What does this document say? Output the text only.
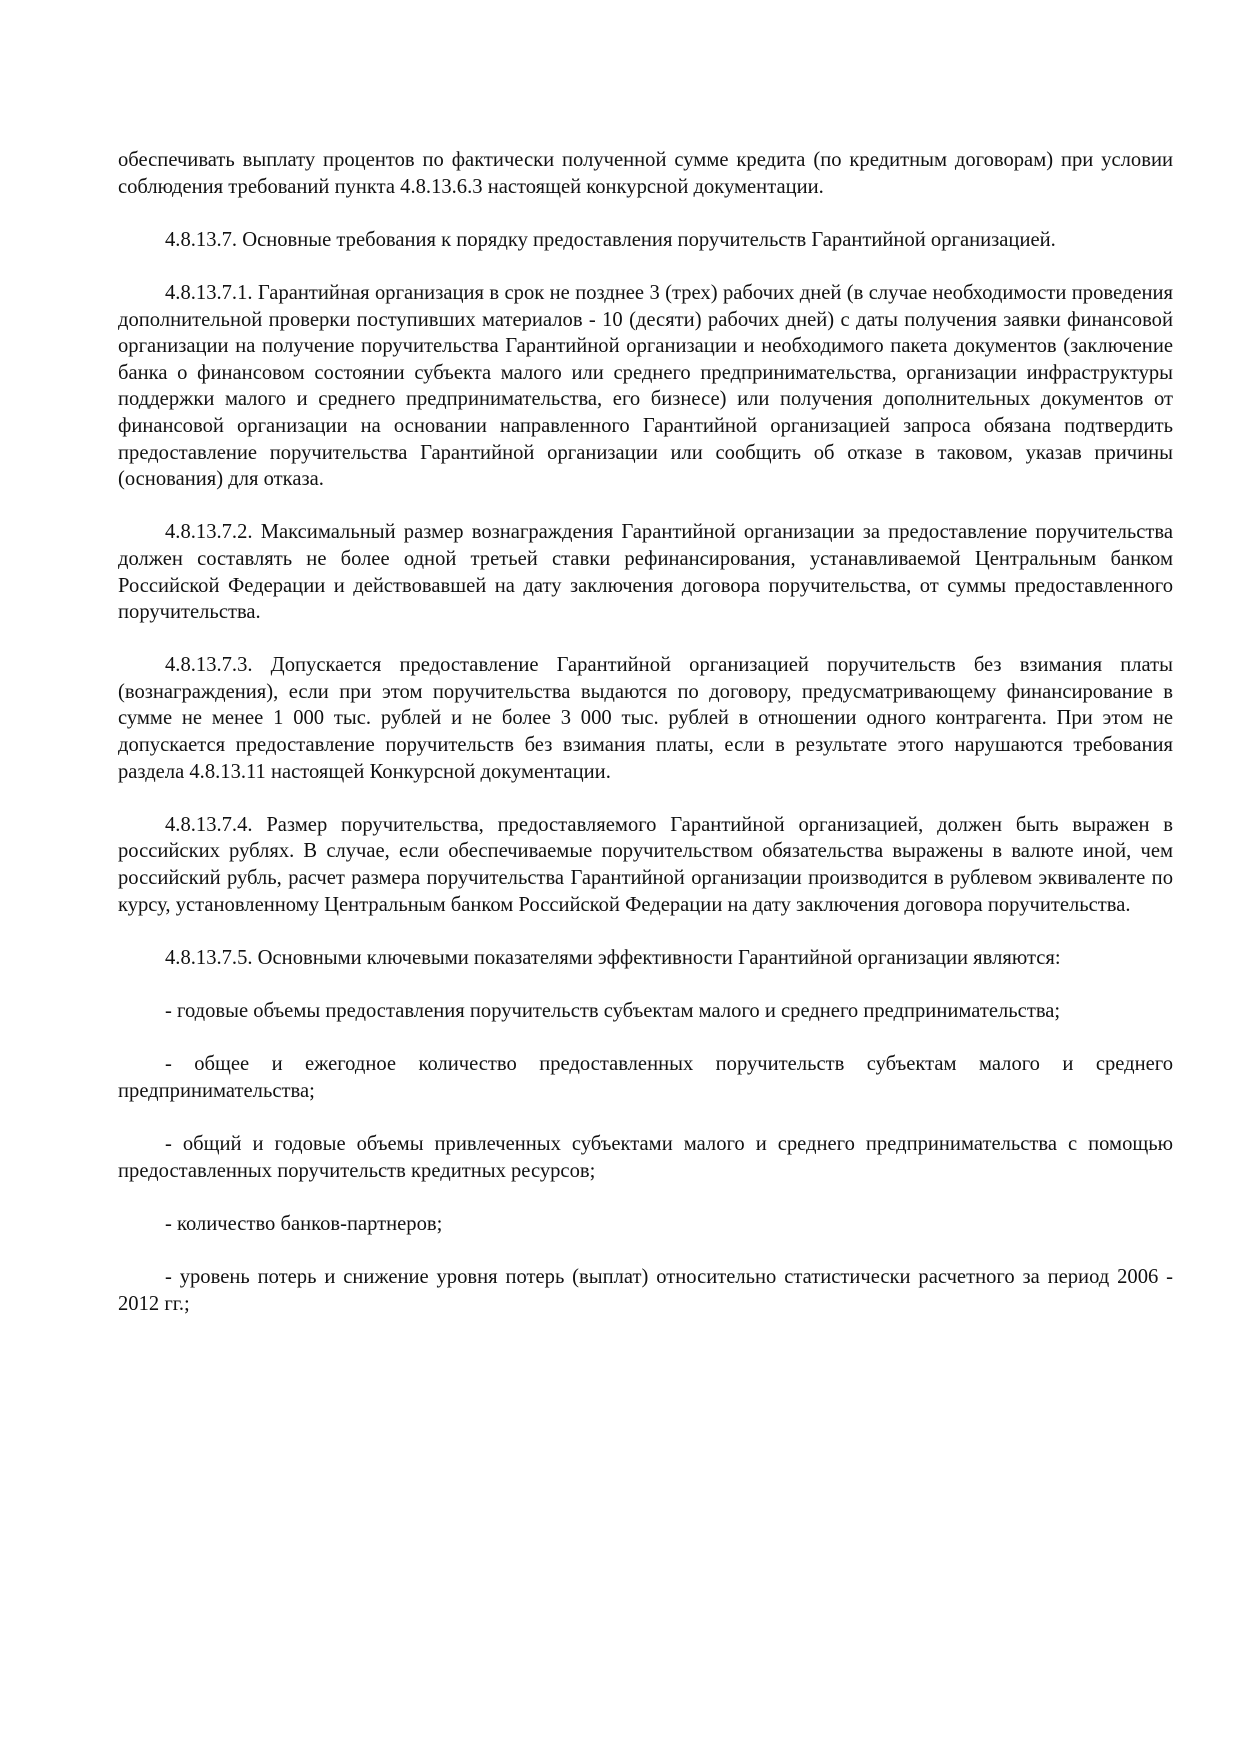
обеспечивать выплату процентов по фактически полученной сумме кредита (по кредитным договорам) при условии соблюдения требований пункта 4.8.13.6.3 настоящей конкурсной документации.

4.8.13.7. Основные требования к порядку предоставления поручительств Гарантийной организацией.

4.8.13.7.1. Гарантийная организация в срок не позднее 3 (трех) рабочих дней (в случае необходимости проведения дополнительной проверки поступивших материалов - 10 (десяти) рабочих дней) с даты получения заявки финансовой организации на получение поручительства Гарантийной организации и необходимого пакета документов (заключение банка о финансовом состоянии субъекта малого или среднего предпринимательства, организации инфраструктуры поддержки малого и среднего предпринимательства, его бизнесе) или получения дополнительных документов от финансовой организации на основании направленного Гарантийной организацией запроса обязана подтвердить предоставление поручительства Гарантийной организации или сообщить об отказе в таковом, указав причины (основания) для отказа.

4.8.13.7.2. Максимальный размер вознаграждения Гарантийной организации за предоставление поручительства должен составлять не более одной третьей ставки рефинансирования, устанавливаемой Центральным банком Российской Федерации и действовавшей на дату заключения договора поручительства, от суммы предоставленного поручительства.

4.8.13.7.3. Допускается предоставление Гарантийной организацией поручительств без взимания платы (вознаграждения), если при этом поручительства выдаются по договору, предусматривающему финансирование в сумме не менее 1 000 тыс. рублей и не более 3 000 тыс. рублей в отношении одного контрагента. При этом не допускается предоставление поручительств без взимания платы, если в результате этого нарушаются требования раздела 4.8.13.11 настоящей Конкурсной документации.

4.8.13.7.4. Размер поручительства, предоставляемого Гарантийной организацией, должен быть выражен в российских рублях. В случае, если обеспечиваемые поручительством обязательства выражены в валюте иной, чем российский рубль, расчет размера поручительства Гарантийной организации производится в рублевом эквиваленте по курсу, установленному Центральным банком Российской Федерации на дату заключения договора поручительства.

4.8.13.7.5. Основными ключевыми показателями эффективности Гарантийной организации являются:

- годовые объемы предоставления поручительств субъектам малого и среднего предпринимательства;

- общее и ежегодное количество предоставленных поручительств субъектам малого и среднего предпринимательства;

- общий и годовые объемы привлеченных субъектами малого и среднего предпринимательства с помощью предоставленных поручительств кредитных ресурсов;

- количество банков-партнеров;

- уровень потерь и снижение уровня потерь (выплат) относительно статистически расчетного за период 2006 - 2012 гг.;
